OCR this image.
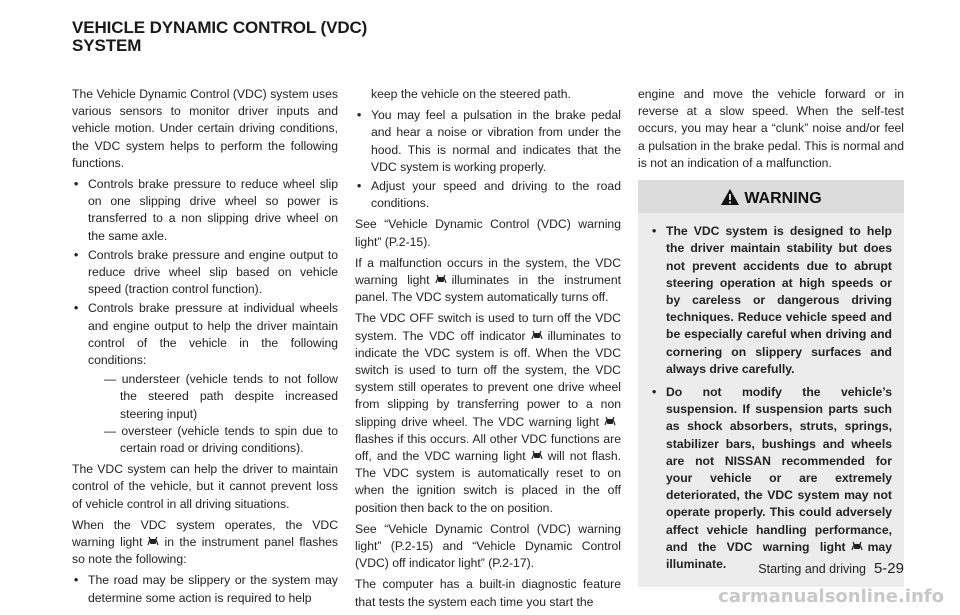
VEHICLE DYNAMIC CONTROL (VDC) SYSTEM

The Vehicle Dynamic Control (VDC) system uses various sensors to monitor driver inputs and vehicle motion. Under certain driving conditions, the VDC system helps to perform the following functions.

• Controls brake pressure to reduce wheel slip on one slipping drive wheel so power is transferred to a non slipping drive wheel on the same axle.
• Controls brake pressure and engine output to reduce drive wheel slip based on vehicle speed (traction control function).
• Controls brake pressure at individual wheels and engine output to help the driver maintain control of the vehicle in the following conditions:
— understeer (vehicle tends to not follow the steered path despite increased steering input)
— oversteer (vehicle tends to spin due to certain road or driving conditions).

The VDC system can help the driver to maintain control of the vehicle, but it cannot prevent loss of vehicle control in all driving situations.

When the VDC system operates, the VDC warning light in the instrument panel flashes so note the following:

• The road may be slippery or the system may determine some action is required to help

keep the vehicle on the steered path.

• You may feel a pulsation in the brake pedal and hear a noise or vibration from under the hood. This is normal and indicates that the VDC system is working properly.
• Adjust your speed and driving to the road conditions.

See “Vehicle Dynamic Control (VDC) warning light” (P.2-15).

If a malfunction occurs in the system, the VDC warning light illuminates in the instrument panel. The VDC system automatically turns off.

The VDC OFF switch is used to turn off the VDC system. The VDC off indicator illuminates to indicate the VDC system is off. When the VDC switch is used to turn off the system, the VDC system still operates to prevent one drive wheel from slipping by transferring power to a non slipping drive wheel. The VDC warning light
flashes if this occurs. All other VDC functions are off, and the VDC warning light will not flash. The VDC system is automatically reset to on when the ignition switch is placed in the off position then back to the on position.

See “Vehicle Dynamic Control (VDC) warning light” (P.2-15) and “Vehicle Dynamic Control (VDC) off indicator light” (P.2-17).

The computer has a built-in diagnostic feature that tests the system each time you start the

engine and move the vehicle forward or in reverse at a slow speed. When the self-test occurs, you may hear a “clunk” noise and/or feel a pulsation in the brake pedal. This is normal and is not an indication of a malfunction.

WARNING
• The VDC system is designed to help the driver maintain stability but does not prevent accidents due to abrupt steering operation at high speeds or by careless or dangerous driving techniques. Reduce vehicle speed and be especially careful when driving and cornering on slippery surfaces and always drive carefully.
• Do not modify the vehicle’s suspension. If suspension parts such as shock absorbers, struts, springs, stabilizer bars, bushings and wheels are not NISSAN recommended for your vehicle or are extremely deteriorated, the VDC system may not operate properly. This could adversely affect vehicle handling performance, and the VDC warning light may illuminate.	Starting and driving 5-29
carmanualsonline.info
